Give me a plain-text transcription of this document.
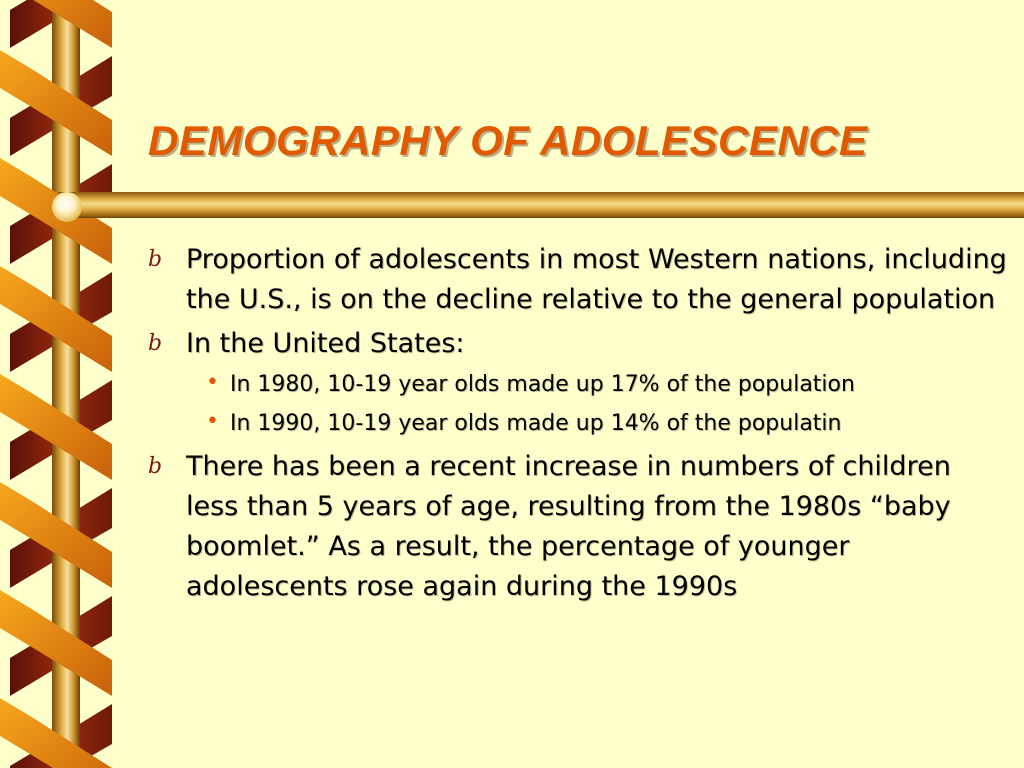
DEMOGRAPHY OF ADOLESCENCE
b Proportion of adolescents in most Western nations, including the U.S., is on the decline relative to the general population
b In the United States:
• In 1980, 10-19 year olds made up 17% of the population
• In 1990, 10-19 year olds made up 14% of the populatin
b There has been a recent increase in numbers of children less than 5 years of age, resulting from the 1980s “baby boomlet.” As a result, the percentage of younger adolescents rose again during the 1990s
